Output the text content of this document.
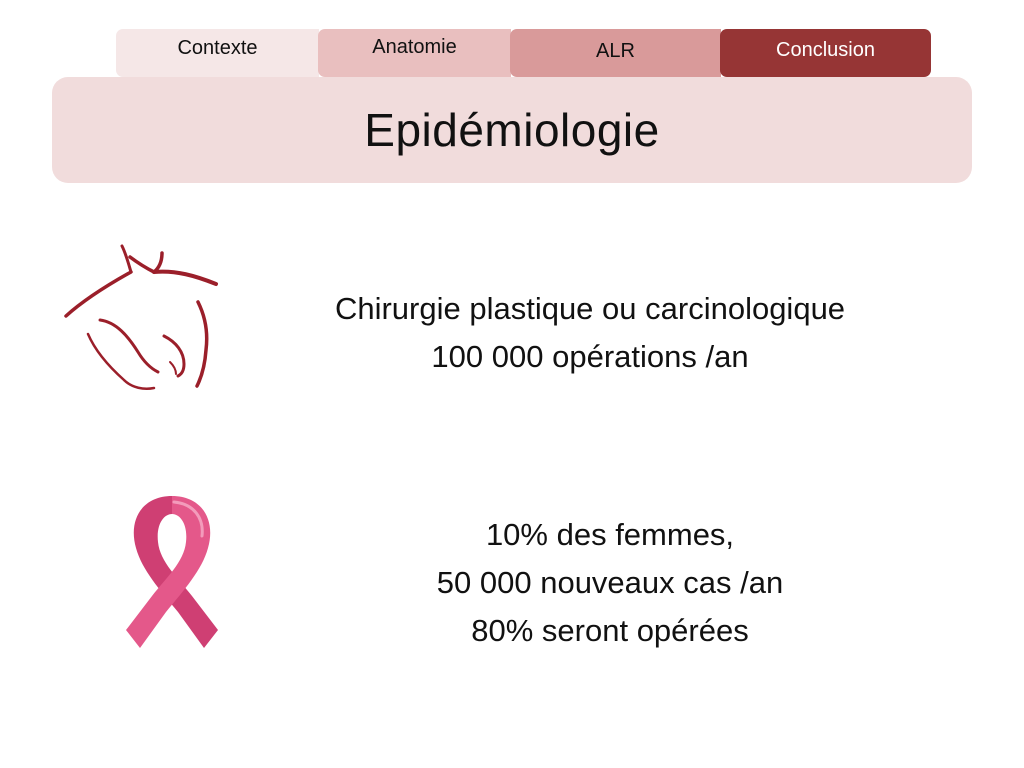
Contexte	Anatomie	ALR	Conclusion
Epidémiologie
Chirurgie plastique ou carcinologique
100 000 opérations /an
10% des femmes,
50 000 nouveaux cas /an
80% seront opérées
